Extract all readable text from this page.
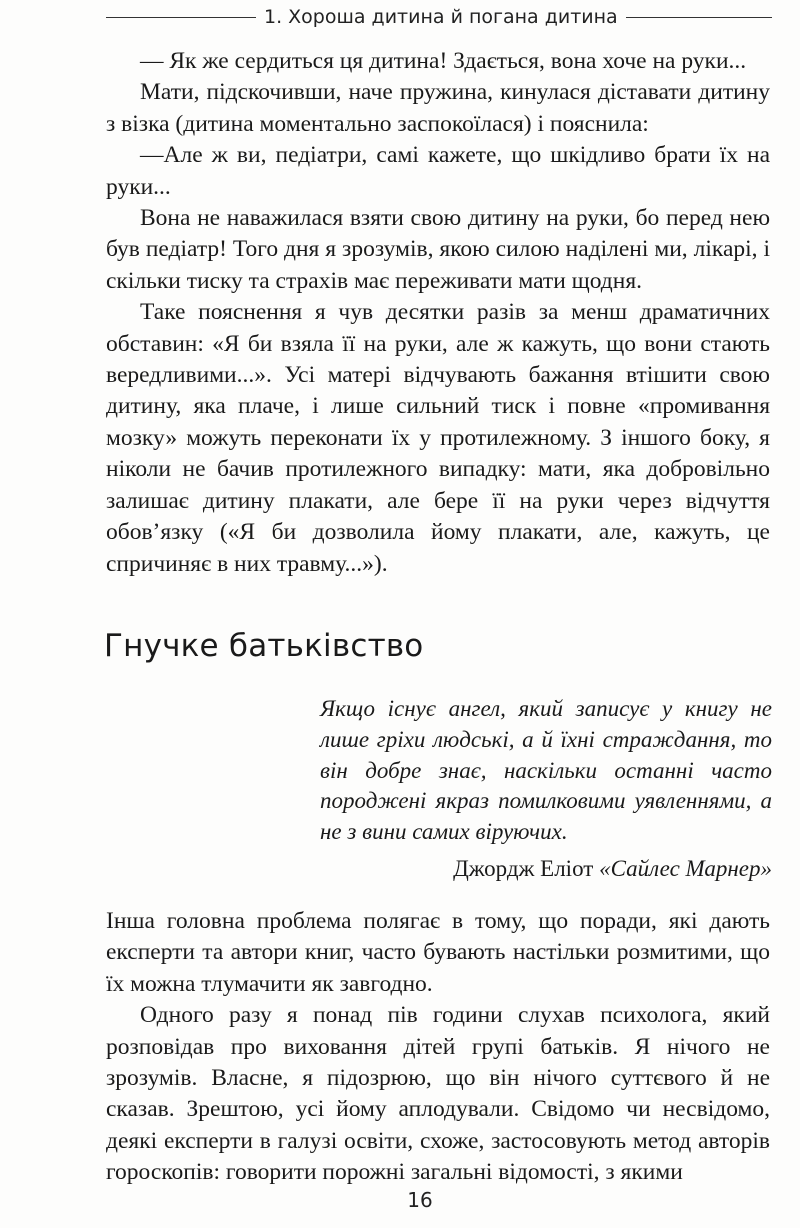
1. Хороша дитина й погана дитина

— Як же сердиться ця дитина! Здається, вона хоче на руки...

Мати, підскочивши, наче пружина, кинулася діставати дитину з візка (дитина моментально заспокоїлася) і пояснила:

—Але ж ви, педіатри, самі кажете, що шкідливо брати їх на руки...

Вона не наважилася взяти свою дитину на руки, бо перед нею був педіатр! Того дня я зрозумів, якою силою наділені ми, лікарі, і скільки тиску та страхів має переживати мати щодня.

Таке пояснення я чув десятки разів за менш драматичних обставин: «Я би взяла її на руки, але ж кажуть, що вони стають вередливими...». Усі матері відчувають бажання втішити свою дитину, яка плаче, і лише сильний тиск і повне «промивання мозку» можуть переконати їх у протилежному. З іншого боку, я ніколи не бачив протилежного випадку: мати, яка добровільно залишає дитину плакати, але бере її на руки через відчуття обов’язку («Я би дозволила йому плакати, але, кажуть, це спричиняє в них травму...»).

Гнучке батьківство
Якщо існує ангел, який записує у книгу не лише гріхи людські, а й їхні страждання, то він добре знає, наскільки останні часто породжені якраз помилковими уявленнями, а не з вини самих віруючих.
Джордж Еліот «Сайлес Марнер»

Інша головна проблема полягає в тому, що поради, які дають експерти та автори книг, часто бувають настільки розмитими, що їх можна тлумачити як завгодно.

Одного разу я понад пів години слухав психолога, який розповідав про виховання дітей групі батьків. Я нічого не зрозумів. Власне, я підозрюю, що він нічого суттєвого й не сказав. Зрештою, усі йому аплодували. Свідомо чи несвідомо, деякі експерти в галузі освіти, схоже, застосовують метод авторів гороскопів: говорити порожні загальні відомості, з якими

16
